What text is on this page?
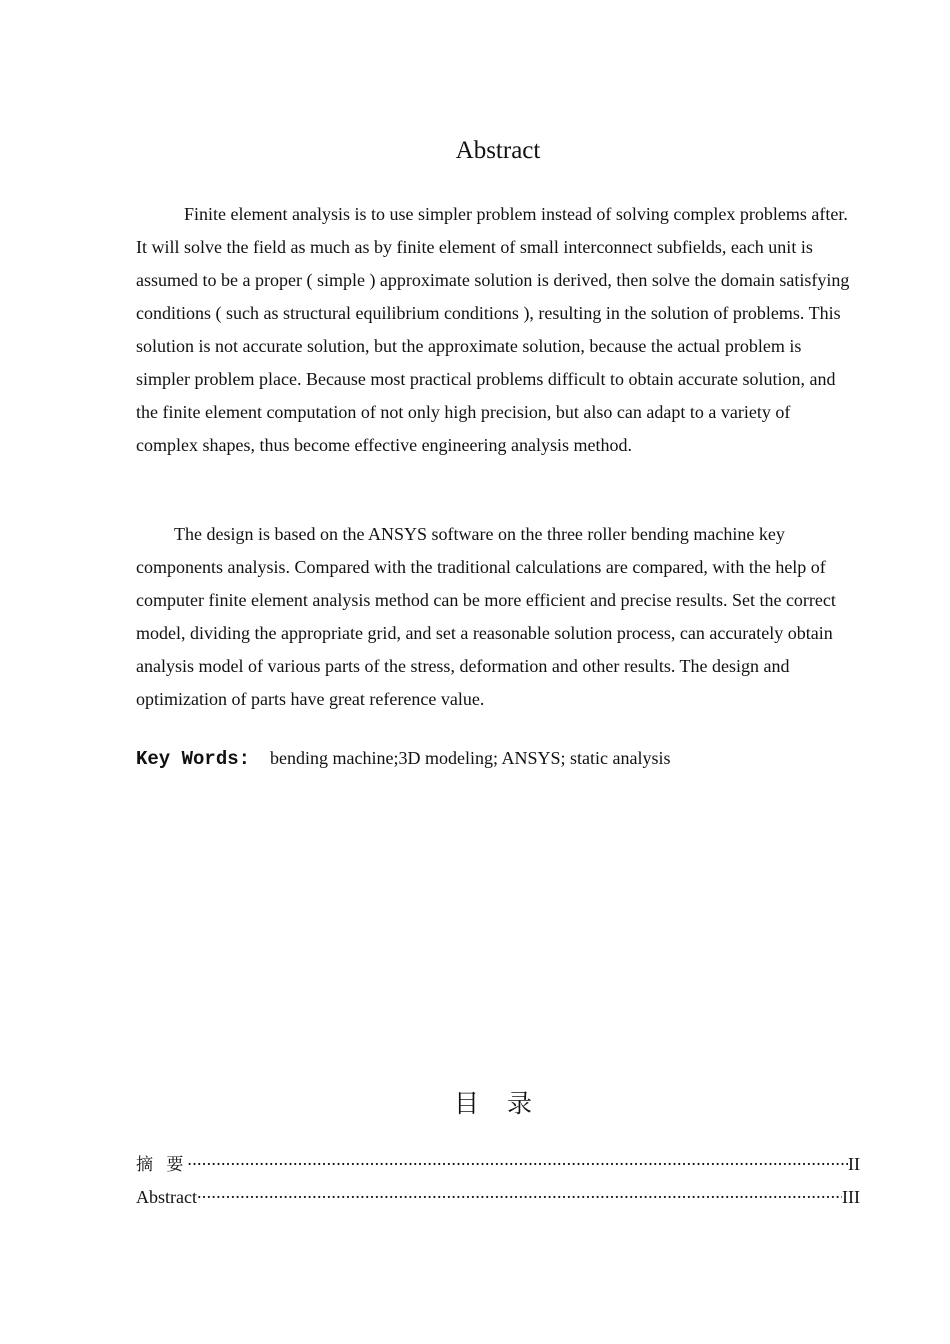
Abstract

Finite element analysis is to use simpler problem instead of solving complex problems after. It will solve the field as much as by finite element of small interconnect subfields, each unit is assumed to be a proper ( simple ) approximate solution is derived, then solve the domain satisfying conditions ( such as structural equilibrium conditions ), resulting in the solution of problems. This solution is not accurate solution, but the approximate solution, because the actual problem is simpler problem place. Because most practical problems difficult to obtain accurate solution, and the finite element computation of not only high precision, but also can adapt to a variety of complex shapes, thus become effective engineering analysis method.

The design is based on the ANSYS software on the three roller bending machine key components analysis. Compared with the traditional calculations are compared, with the help of computer finite element analysis method can be more efficient and precise results. Set the correct model, dividing the appropriate grid, and set a reasonable solution process, can accurately obtain analysis model of various parts of the stress, deformation and other results. The design and optimization of parts have great reference value.

Key Words: bending machine;3D modeling; ANSYS; static analysis
目 录
摘 要 .....	II
Abstract .....	III
